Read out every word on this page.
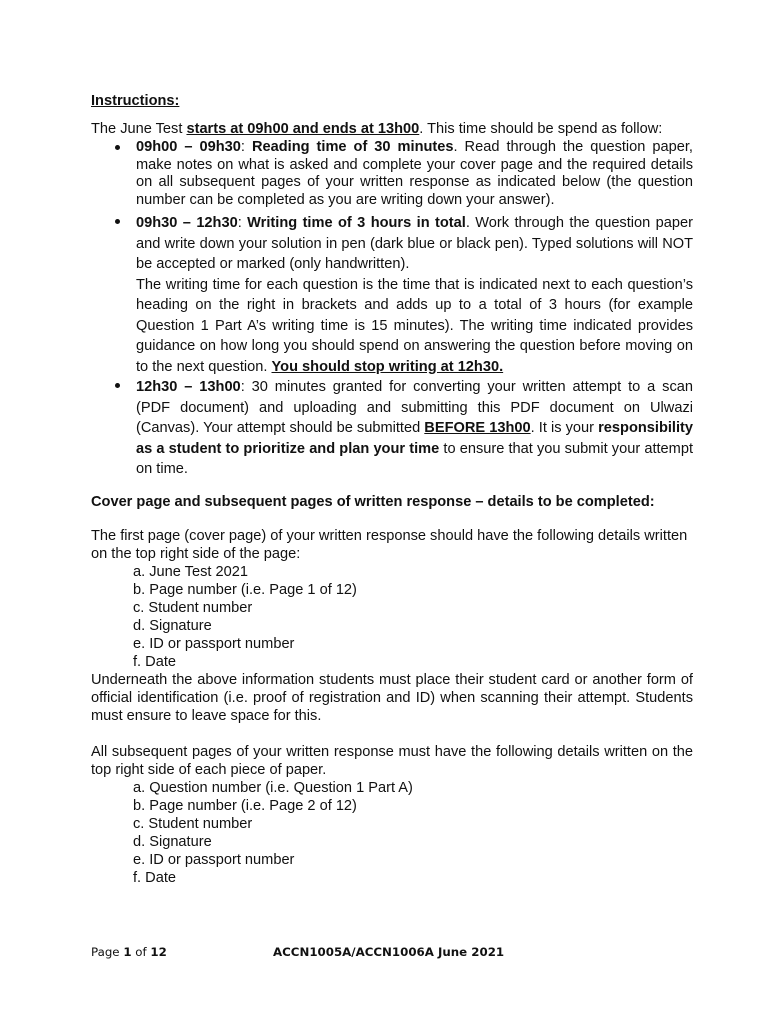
Instructions:

The June Test starts at 09h00 and ends at 13h00. This time should be spend as follow:

09h00 – 09h30: Reading time of 30 minutes. Read through the question paper, make notes on what is asked and complete your cover page and the required details on all subsequent pages of your written response as indicated below (the question number can be completed as you are writing down your answer).
09h30 – 12h30: Writing time of 3 hours in total. Work through the question paper and write down your solution in pen (dark blue or black pen). Typed solutions will NOT be accepted or marked (only handwritten).
The writing time for each question is the time that is indicated next to each question’s heading on the right in brackets and adds up to a total of 3 hours (for example Question 1 Part A’s writing time is 15 minutes). The writing time indicated provides guidance on how long you should spend on answering the question before moving on to the next question. You should stop writing at 12h30.
12h30 – 13h00: 30 minutes granted for converting your written attempt to a scan (PDF document) and uploading and submitting this PDF document on Ulwazi (Canvas). Your attempt should be submitted BEFORE 13h00. It is your responsibility as a student to prioritize and plan your time to ensure that you submit your attempt on time.

Cover page and subsequent pages of written response – details to be completed:

The first page (cover page) of your written response should have the following details written on the top right side of the page:

a. June Test 2021
b. Page number (i.e. Page 1 of 12)
c. Student number
d. Signature
e. ID or passport number
f. Date

Underneath the above information students must place their student card or another form of official identification (i.e. proof of registration and ID) when scanning their attempt. Students must ensure to leave space for this.

All subsequent pages of your written response must have the following details written on the top right side of each piece of paper.

a. Question number (i.e. Question 1 Part A)
b. Page number (i.e. Page 2 of 12)
c. Student number
d. Signature
e. ID or passport number
f. Date
Page 1 of 12	ACCN1005A/ACCN1006A June 2021
